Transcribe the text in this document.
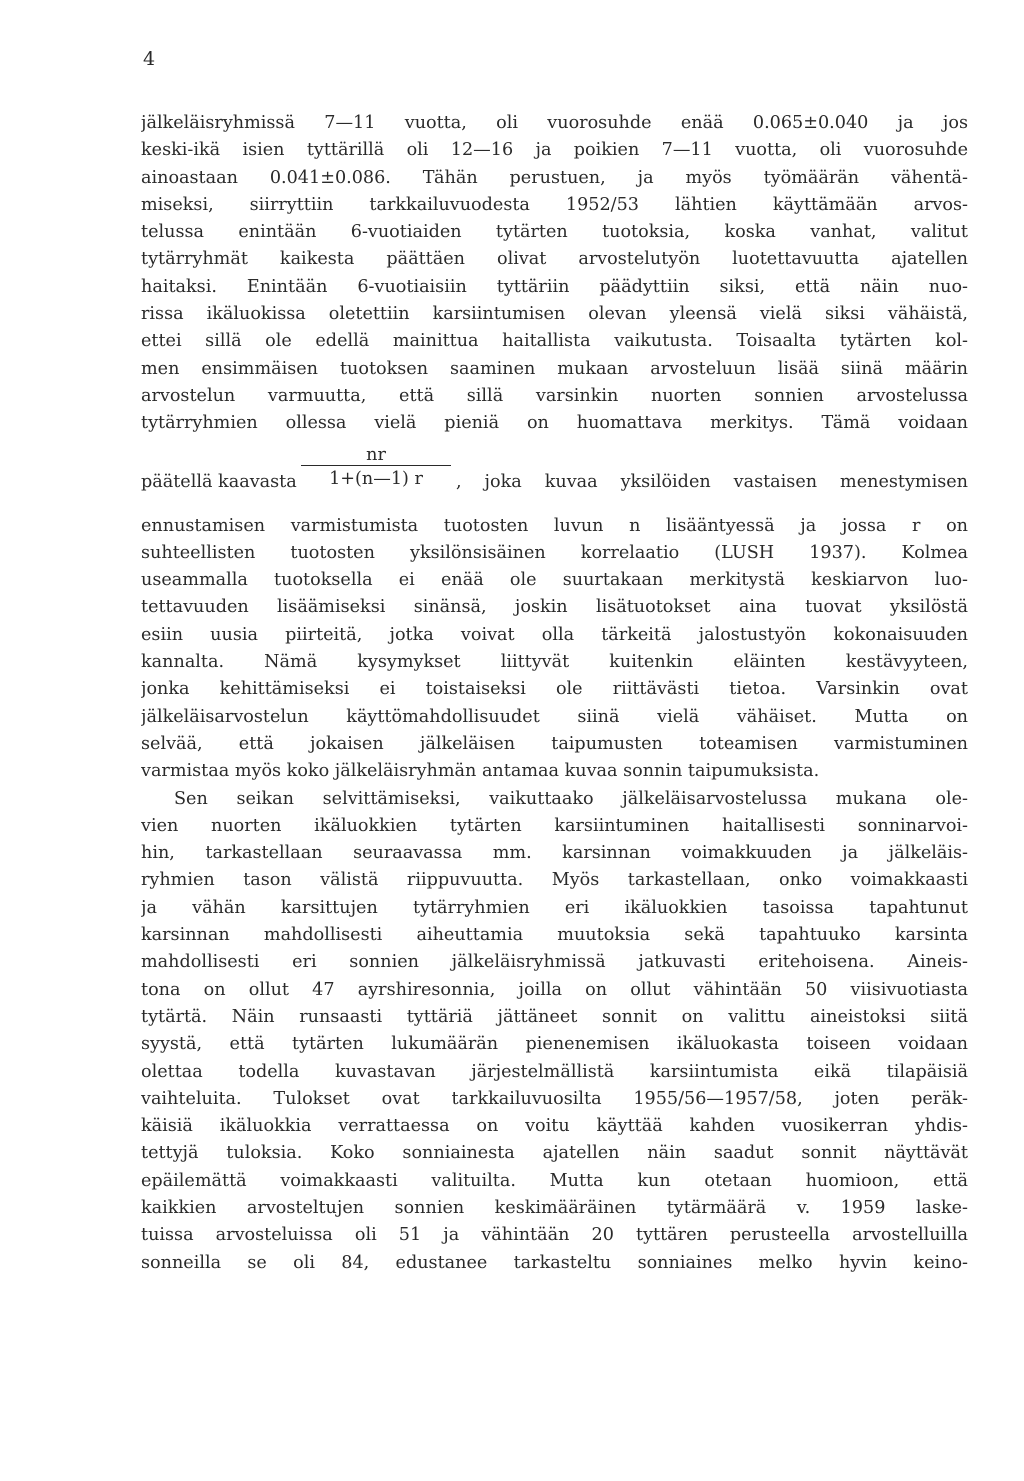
4
jälkeläisryhmissä 7—11 vuotta, oli vuorosuhde enää 0.065±0.040 ja jos
keski-ikä isien tyttärillä oli 12—16 ja poikien 7—11 vuotta, oli vuorosuhde
ainoastaan 0.041±0.086. Tähän perustuen, ja myös työmäärän vähentä-
miseksi, siirryttiin tarkkailuvuodesta 1952/53 lähtien käyttämään arvos-
telussa enintään 6-vuotiaiden tytärten tuotoksia, koska vanhat, valitut
tytärryhmät kaikesta päättäen olivat arvostelutyön luotettavuutta ajatellen
haitaksi. Enintään 6-vuotiaisiin tyttäriin päädyttiin siksi, että näin nuo-
rissa ikäluokissa oletettiin karsiintumisen olevan yleensä vielä siksi vähäistä,
ettei sillä ole edellä mainittua haitallista vaikutusta. Toisaalta tytärten kol-
men ensimmäisen tuotoksen saaminen mukaan arvosteluun lisää siinä määrin
arvostelun varmuutta, että sillä varsinkin nuorten sonnien arvostelussa
tytärryhmien ollessa vielä pieniä on huomattava merkitys. Tämä voidaan
päätellä kaavasta
nr
1+(n—1) r , joka kuvaa yksilöiden vastaisen menestymisen
ennustamisen varmistumista tuotosten luvun n lisääntyessä ja jossa r on
suhteellisten tuotosten yksilönsisäinen korrelaatio (LUSH 1937). Kolmea
useammalla tuotoksella ei enää ole suurtakaan merkitystä keskiarvon luo-
tettavuuden lisäämiseksi sinänsä, joskin lisätuotokset aina tuovat yksilöstä
esiin uusia piirteitä, jotka voivat olla tärkeitä jalostustyön kokonaisuuden
kannalta. Nämä kysymykset liittyvät kuitenkin eläinten kestävyyteen,
jonka kehittämiseksi ei toistaiseksi ole riittävästi tietoa. Varsinkin ovat
jälkeläisarvostelun käyttömahdollisuudet siinä vielä vähäiset. Mutta on
selvää, että jokaisen jälkeläisen taipumusten toteamisen varmistuminen
varmistaa myös koko jälkeläisryhmän antamaa kuvaa sonnin taipumuksista.
Sen seikan selvittämiseksi, vaikuttaako jälkeläisarvostelussa mukana ole-
vien nuorten ikäluokkien tytärten karsiintuminen haitallisesti sonninarvoi-
hin, tarkastellaan seuraavassa mm. karsinnan voimakkuuden ja jälkeläis-
ryhmien tason välistä riippuvuutta. Myös tarkastellaan, onko voimakkaasti
ja vähän karsittujen tytärryhmien eri ikäluokkien tasoissa tapahtunut
karsinnan mahdollisesti aiheuttamia muutoksia sekä tapahtuuko karsinta
mahdollisesti eri sonnien jälkeläisryhmissä jatkuvasti eritehoisena. Aineis-
tona on ollut 47 ayrshiresonnia, joilla on ollut vähintään 50 viisivuotiasta
tytärtä. Näin runsaasti tyttäriä jättäneet sonnit on valittu aineistoksi siitä
syystä, että tytärten lukumäärän pienenemisen ikäluokasta toiseen voidaan
olettaa todella kuvastavan järjestelmällistä karsiintumista eikä tilapäisiä
vaihteluita. Tulokset ovat tarkkailuvuosilta 1955/56—1957/58, joten peräk-
käisiä ikäluokkia verrattaessa on voitu käyttää kahden vuosikerran yhdis-
tettyjä tuloksia. Koko sonniainesta ajatellen näin saadut sonnit näyttävät
epäilemättä voimakkaasti valituilta. Mutta kun otetaan huomioon, että
kaikkien arvosteltujen sonnien keskimääräinen tytärmäärä v. 1959 laske-
tuissa arvosteluissa oli 51 ja vähintään 20 tyttären perusteella arvostelluilla
sonneilla se oli 84, edustanee tarkasteltu sonniaines melko hyvin keino-
